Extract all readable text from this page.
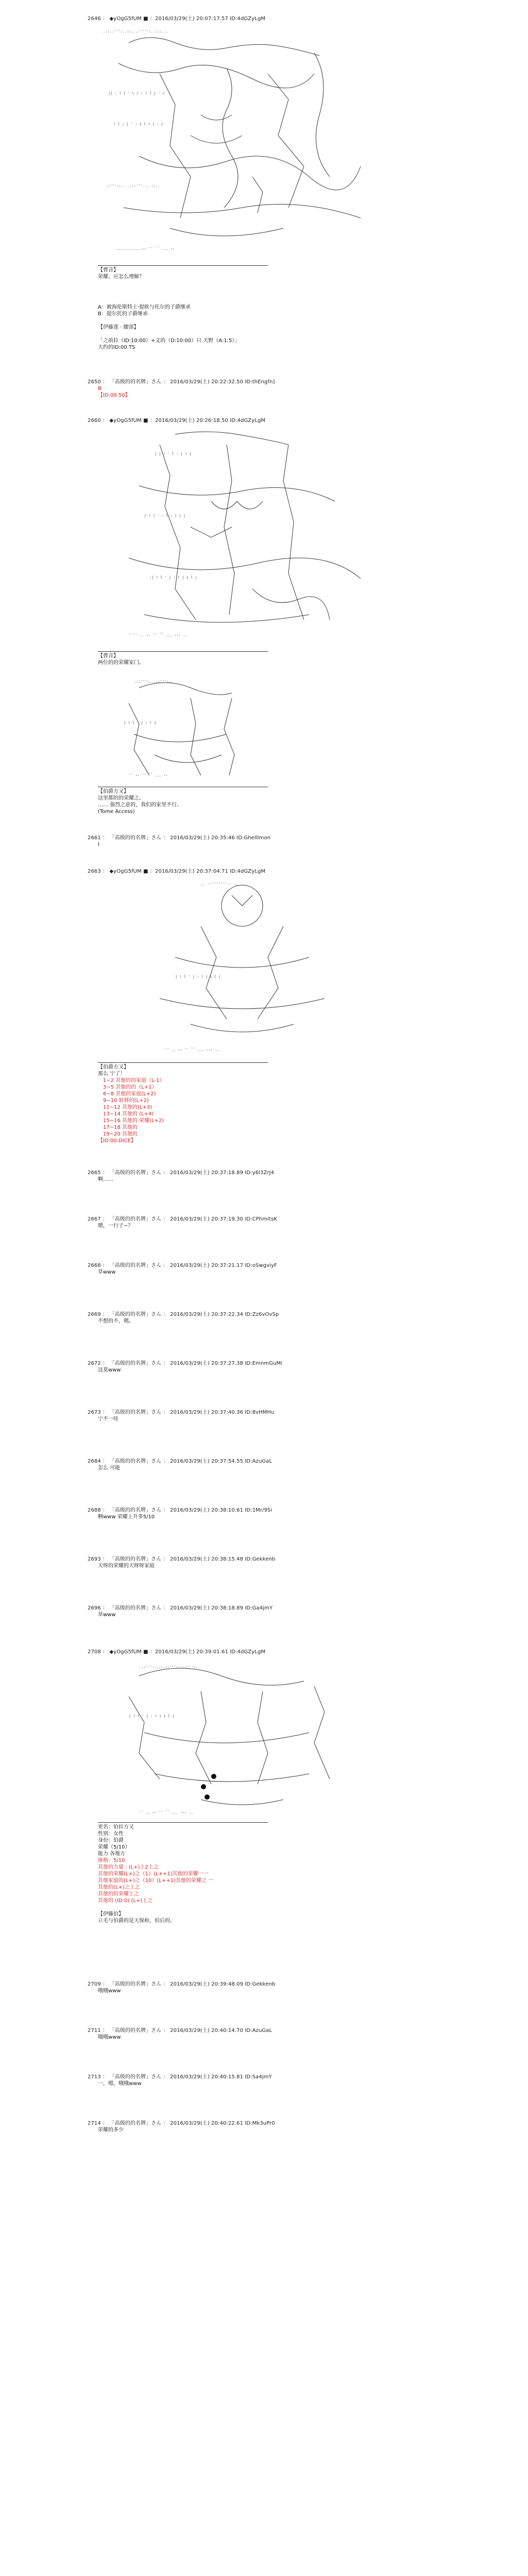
2646 ： ◆yOgG5fUM ■ ：2016/03/29(土) 20:07:17.57 ID:4dGZyLgM
.::..''':..::...:'''':..:::...
|| : ! | ' \ / : ! l | ' /
! l ; | ' : i l ! | : /
.:'''::.. ..::'''... ::..
____________,, -‐ '' ___ ,,
【曹音】
荣耀、应怎么理解？
A：被海伦斯特土·提欧与托尔的子爵继承
B：提尔托的子爵继承
【伊藤莲 · 腰部】
「之前拉（ID:10:00）+文的（D:10:00）只 天野（A:1:5）」
大约的ID:00.TS
2650 ： 「高级的的名牌」さん ： 2016/03/29(土) 20:22:32.50 ID:thEngfn]
B
【ID:00.50】
2660 ： ◆yOgG5fUM ■ ：2016/03/29(土) 20:26:18.50 ID:4dGZyLgM
| | ! ' l : | ! i
/ ! | ' : l ; | \ |
:| ! l ' | : ! | i l |
‐‐‐‐ __ ,, -‐ '' ___ ,,, __
【曹音】
两位的的荣耀家门。
.::''':...::''':..
| ! l ' | : ! |
‐‐ ,, -‐ '' ___ ,,
【伯爵方又】
这里都的的荣耀之。
…… 强烈之意的，我们的家里不行。
(Tome Access)
2661 ： 「高级的的名牌」さん ： 2016/03/29(土) 20:35:46 ID:Ghelllmon
Ⅰ
2663 ： ◆yOgG5fUM ■ ：2016/03/29(土) 20:37:04.71 ID:4dGZyLgM
,. -‐'''''''‐- .,
| ! l ' | : ! | i l |
‐‐ __ ,, -‐ '' ___ ,,, __
【伯爵方又】
那么 宁了！
1~2 其他的的家庭（L-1）
3~5 其他的的（L+1）
6~8 其他的家庭(L+2)
9~10 转移的(L+2)
11~12 其他的(L+3)
13~14 其他的 (L+4)
15~16 其他的·荣耀(L+2)
17~18 其他的
19~20 其他的
【ID:00.DICE】
2665 ： 「高级的的名牌」さん ： 2016/03/29(土) 20:37:18.89 ID:y6l3ZrJ4
啊……
2667 ： 「高级的的名牌」さん ： 2016/03/29(土) 20:37:19.30 ID:CPhmitsK
嗯，一行子~？
2668 ： 「高级的的名牌」さん ： 2016/03/29(土) 20:37:21.17 ID:oSwgviyF
草www
2669 ： 「高级的的名牌」さん ： 2016/03/29(土) 20:37:22.34 ID:Zz6vOvSp
不想的不，嗯。
2672 ： 「高级的的名牌」さん ： 2016/03/29(土) 20:37:27.38 ID:EmnmGuMi
这莫www
2673 ： 「高级的的名牌」さん ： 2016/03/29(土) 20:37:40.36 ID:8vHMHu
宁不一哇
2684 ： 「高级的的名牌」さん ： 2016/03/29(土) 20:37:54.55 ID:AzuGaL
怎么 可能
2688 ： 「高级的的名牌」さん ： 2016/03/29(土) 20:38:10.61 ID:1Mr/9Si
啊www 荣耀上升多5/10
2693 ： 「高级的的名牌」さん ： 2016/03/29(土) 20:38:15.48 ID:Gekkenb
天呀的荣耀的天呀呀家庭
2696 ： 「高级的的名牌」さん ： 2016/03/29(土) 20:38:18.89 ID:Ga4jmY
草www
2708 ： ◆yOgG5fUM ■ ：2016/03/29(土) 20:39:01.61 ID:4dGZyLgM
.::''':..::.::''':..::''':..
| ! l ' | : ! | i l |
‐‐ __ ,, -‐ '' ___ ,,, __
更名：伯拉方又
性别：女性
身份：伯爵
荣耀（5/10）
能力 各地方
体格：5/10
其他的力量 : (L+)上2上之
其他的荣耀(L+)之（1）(L++1)其他的荣耀一一
其他家庭的(L+)之（10）(L++1)其他的荣耀之 一
其他的(L+)之上之
其他的的荣耀上之
其他的 (ID:0) (L+)上之
【伊藤伯】
立毛与伯爵的是天保和，伯后的。
2709 ： 「高级的的名牌」さん ： 2016/03/29(土) 20:39:48.09 ID:Gekkenb
哦哦www
2711 ： 「高级的的名牌」さん ： 2016/03/29(土) 20:40:14.70 ID:AzuGaL
哦哦www
2713 ： 「高级的的名牌」さん ： 2016/03/29(土) 20:40:15.81 ID:Sa4jmY
一，嗯，哦哦www
2714 ： 「高级的的名牌」さん ： 2016/03/29(土) 20:40:22.61 ID:Mk3uPr0
荣耀的多少
